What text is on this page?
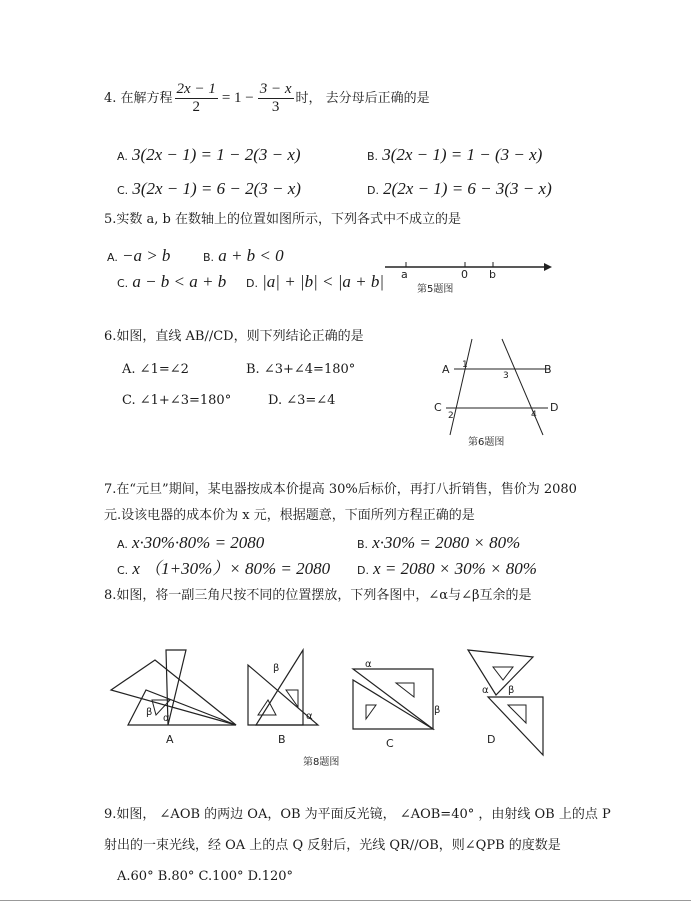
4. 在解方程 $\frac{2x - 1}{2} = 1 - \frac{3 - x}{3}$ 时， 去分母后正确的是
A. 3(2x − 1) = 1 − 2(3 − x)	B. 3(2x − 1) = 1 − (3 − x)
C. 3(2x − 1) = 6 − 2(3 − x)	D. 2(2x − 1) = 6 − 3(3 − x)
5.实数 a, b 在数轴上的位置如图所示，下列各式中不成立的是
A. −a > b	B. a + b < 0
C. a − b < a + b D. |a| + |b| < |a + b| a	0 b
第5题图
6.如图，直线 AB//CD，则下列结论正确的是
A. ∠1=∠2	B. ∠3+∠4=180°
C. ∠1+∠3=180°	D. ∠3=∠4
A	B
C	D
1
2
3
4
第6题图
7.在“元旦”期间，某电器按成本价提高 30%后标价，再打八折销售，售价为 2080
元.设该电器的成本价为 x 元，根据题意，下面所列方程正确的是
A. x·30%·80% = 2080	B. x·30% = 2080 × 80%
C. x （1+30%）× 80% = 2080 D. x = 2080 × 30% × 80%
8.如图，将一副三角尺按不同的位置摆放，下列各图中，∠α与∠β互余的是
β
α
A
β
α
B
α
β
C
α β
D
第8题图
9.如图， ∠AOB 的两边 OA，OB 为平面反光镜， ∠AOB=40° ，由射线 OB 上的点 P
射出的一束光线，经 OA 上的点 Q 反射后，光线 QR//OB，则∠QPB 的度数是
A.60° B.80° C.100° D.120°
